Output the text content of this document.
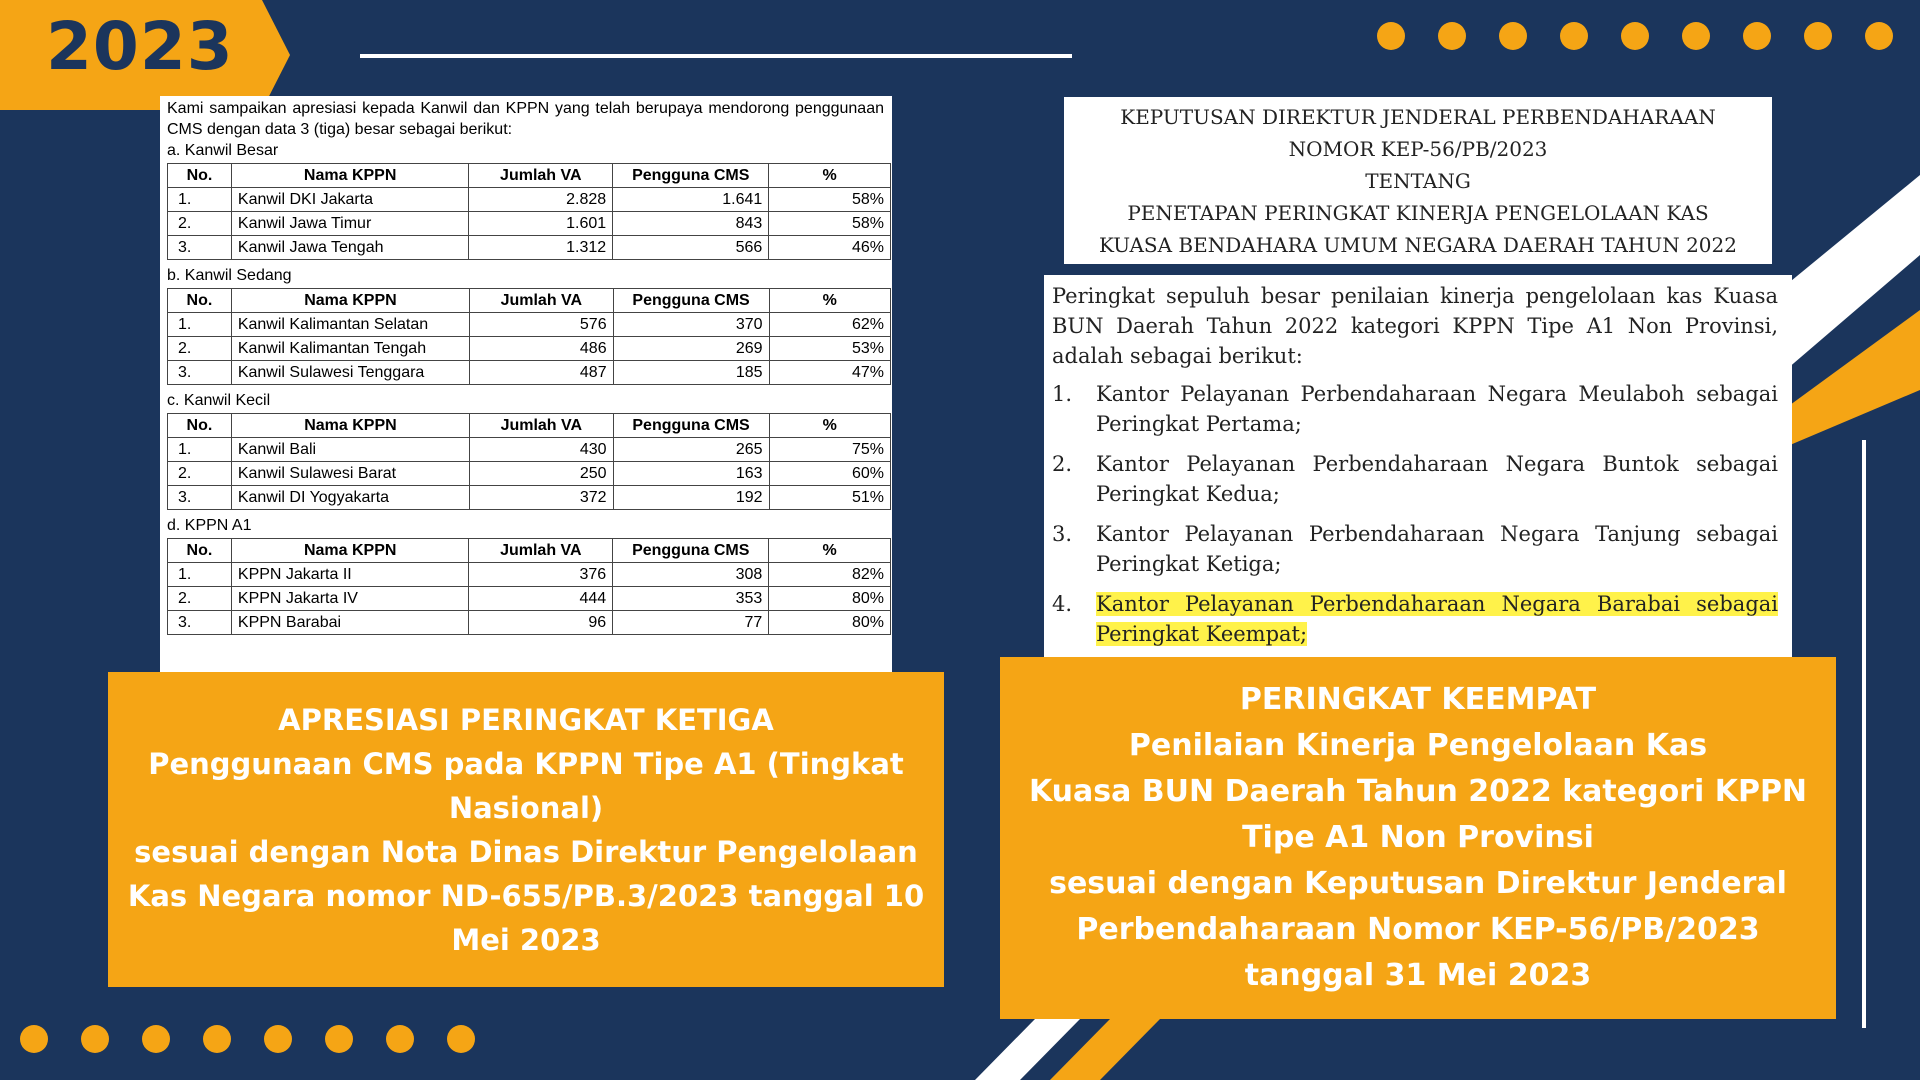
2023
Kami sampaikan apresiasi kepada Kanwil dan KPPN yang telah berupaya mendorong penggunaan CMS dengan data 3 (tiga) besar sebagai berikut:
a. Kanwil Besar
No.	Nama KPPN	Jumlah VA	Pengguna CMS	%
1.	Kanwil DKI Jakarta	2.828	1.641	58%
2.	Kanwil Jawa Timur	1.601	843	58%
3.	Kanwil Jawa Tengah	1.312	566	46%
b. Kanwil Sedang
No.	Nama KPPN	Jumlah VA	Pengguna CMS	%
1.	Kanwil Kalimantan Selatan	576	370	62%
2.	Kanwil Kalimantan Tengah	486	269	53%
3.	Kanwil Sulawesi Tenggara	487	185	47%
c. Kanwil Kecil
No.	Nama KPPN	Jumlah VA	Pengguna CMS	%
1.	Kanwil Bali	430	265	75%
2.	Kanwil Sulawesi Barat	250	163	60%
3.	Kanwil DI Yogyakarta	372	192	51%
d. KPPN A1
No.	Nama KPPN	Jumlah VA	Pengguna CMS	%
1.	KPPN Jakarta II	376	308	82%
2.	KPPN Jakarta IV	444	353	80%
3.	KPPN Barabai	96	77	80%
KEPUTUSAN DIREKTUR JENDERAL PERBENDAHARAAN
NOMOR KEP-56/PB/2023
TENTANG
PENETAPAN PERINGKAT KINERJA PENGELOLAAN KAS
KUASA BENDAHARA UMUM NEGARA DAERAH TAHUN 2022
Peringkat sepuluh besar penilaian kinerja pengelolaan kas Kuasa BUN Daerah Tahun 2022 kategori KPPN Tipe A1 Non Provinsi, adalah sebagai berikut:
1.	Kantor Pelayanan Perbendaharaan Negara Meulaboh sebagai Peringkat Pertama;
2.	Kantor Pelayanan Perbendaharaan Negara Buntok sebagai Peringkat Kedua;
3.	Kantor Pelayanan Perbendaharaan Negara Tanjung sebagai Peringkat Ketiga;
4.	Kantor Pelayanan Perbendaharaan Negara Barabai sebagai Peringkat Keempat;
APRESIASI PERINGKAT KETIGA
Penggunaan CMS pada KPPN Tipe A1 (Tingkat Nasional)
sesuai dengan Nota Dinas Direktur Pengelolaan Kas Negara nomor ND-655/PB.3/2023 tanggal 10 Mei 2023
PERINGKAT KEEMPAT
Penilaian Kinerja Pengelolaan Kas
Kuasa BUN Daerah Tahun 2022 kategori KPPN Tipe A1 Non Provinsi
sesuai dengan Keputusan Direktur Jenderal Perbendaharaan Nomor KEP-56/PB/2023 tanggal 31 Mei 2023
